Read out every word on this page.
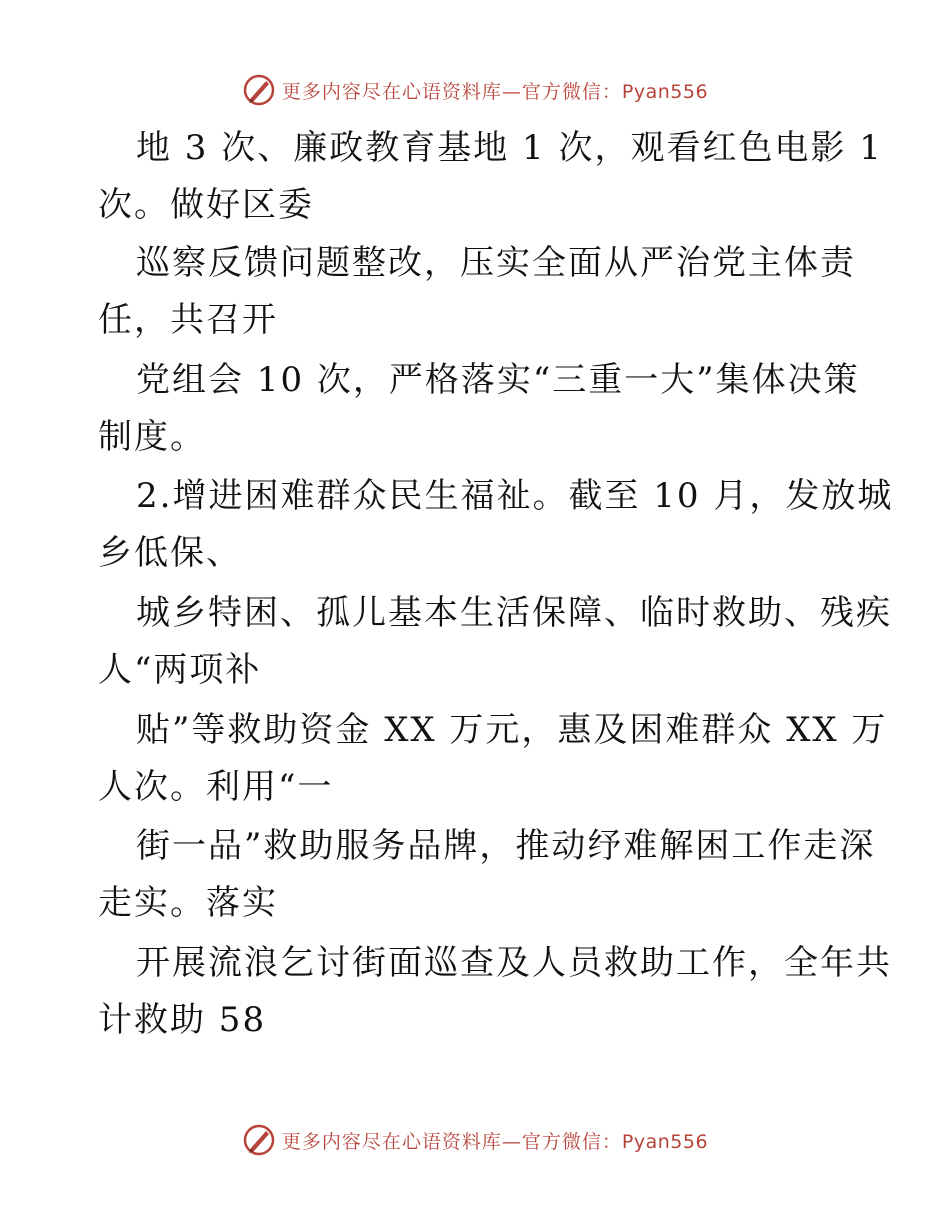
更多内容尽在心语资料库—官方微信：Pyan556
地 3 次、廉政教育基地 1 次，观看红色电影 1
次。做好区委
巡察反馈问题整改，压实全面从严治党主体责
任，共召开
党组会 10 次，严格落实“三重一大”集体决策
制度。
2.增进困难群众民生福祉。截至 10 月，发放城
乡低保、
城乡特困、孤儿基本生活保障、临时救助、残疾
人“两项补
贴”等救助资金 XX 万元，惠及困难群众 XX 万
人次。利用“一
街一品”救助服务品牌，推动纾难解困工作走深
走实。落实
开展流浪乞讨街面巡查及人员救助工作，全年共
计救助 58
更多内容尽在心语资料库—官方微信：Pyan556
